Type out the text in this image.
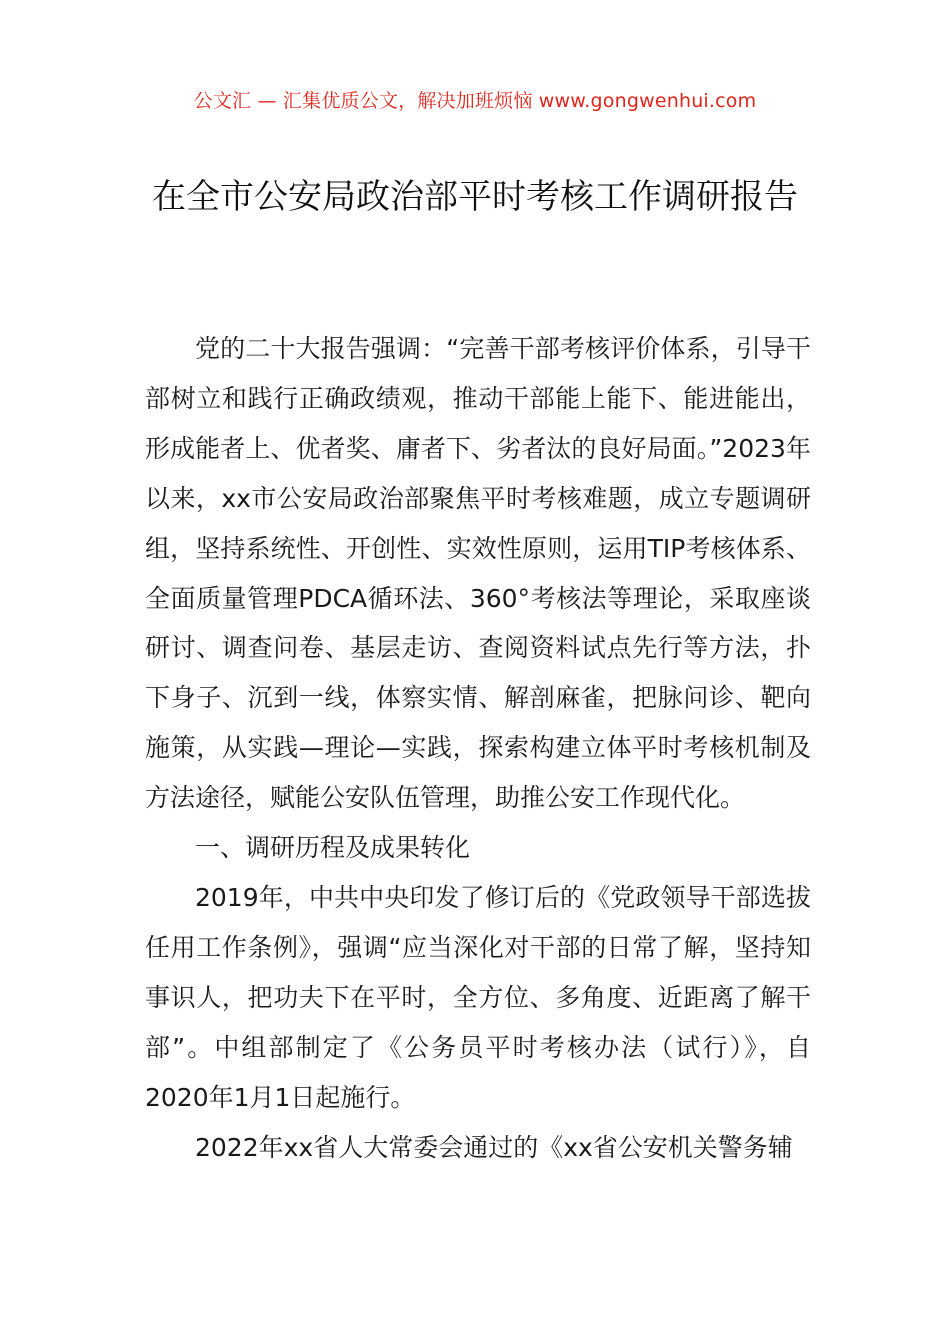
公文汇 — 汇集优质公文，解决加班烦恼 www.gongwenhui.com
在全市公安局政治部平时考核工作调研报告

党的二十大报告强调：“完善干部考核评价体系，引导干部树立和践行正确政绩观，推动干部能上能下、能进能出，形成能者上、优者奖、庸者下、劣者汰的良好局面。”2023年以来，xx市公安局政治部聚焦平时考核难题，成立专题调研组，坚持系统性、开创性、实效性原则，运用TIP考核体系、全面质量管理PDCA循环法、360°考核法等理论，采取座谈研讨、调查问卷、基层走访、查阅资料试点先行等方法，扑下身子、沉到一线，体察实情、解剖麻雀，把脉问诊、靶向施策，从实践—理论—实践，探索构建立体平时考核机制及方法途径，赋能公安队伍管理，助推公安工作现代化。

一、调研历程及成果转化

2019年，中共中央印发了修订后的《党政领导干部选拔任用工作条例》，强调“应当深化对干部的日常了解，坚持知事识人，把功夫下在平时，全方位、多角度、近距离了解干部”。中组部制定了《公务员平时考核办法（试行）》，自2020年1月1日起施行。

2022年xx省人大常委会通过的《xx省公安机关警务辅
